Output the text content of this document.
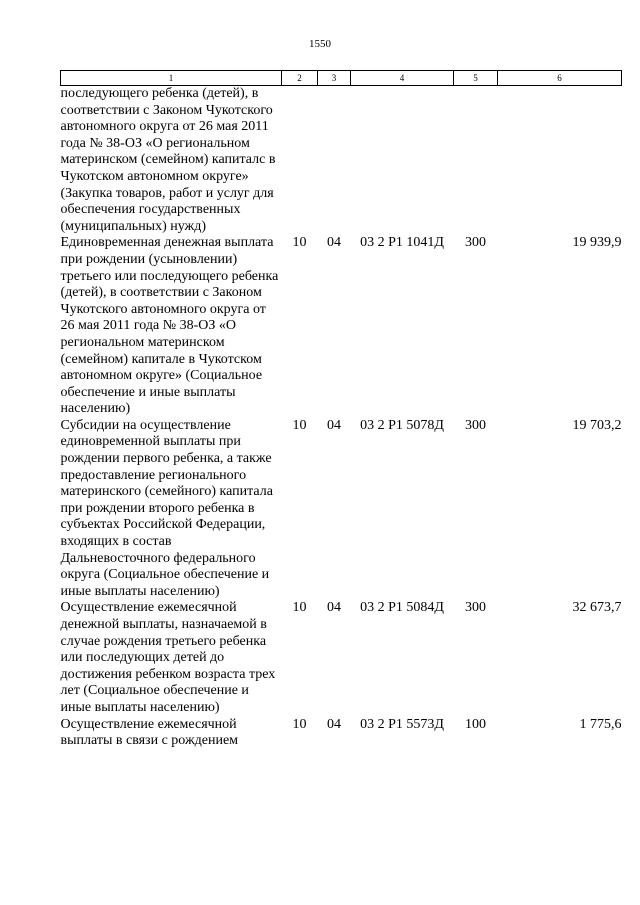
1550
1	2	3	4	5	6
последующего ребенка (детей), в соответствии с Законом Чукотского автономного округа от 26 мая 2011 года № 38-ОЗ «О региональном материнском (семейном) капиталс в Чукотском автономном округе» (Закупка товаров, работ и услуг для обеспечения государственных (муниципальных) нужд)					
Единовременная денежная выплата при рождении (усыновлении) третьего или последующего ребенка (детей), в соответствии с Законом Чукотского автономного округа от 26 мая 2011 года № 38-ОЗ «О региональном материнском (семейном) капитале в Чукотском автономном округе» (Социальное обеспечение и иные выплаты населению)	10	04	03 2 Р1 1041Д	300	19 939,9
Субсидии на осуществление единовременной выплаты при рождении первого ребенка, а также предоставление регионального материнского (семейного) капитала при рождении второго ребенка в субъектах Российской Федерации, входящих в состав Дальневосточного федерального округа (Социальное обеспечение и иные выплаты населению)	10	04	03 2 Р1 5078Д	300	19 703,2
Осуществление ежемесячной денежной выплаты, назначаемой в случае рождения третьего ребенка или последующих детей до достижения ребенком возраста трех лет (Социальное обеспечение и иные выплаты населению)	10	04	03 2 Р1 5084Д	300	32 673,7
Осуществление ежемесячной выплаты в связи с рождением	10	04	03 2 Р1 5573Д	100	1 775,6
